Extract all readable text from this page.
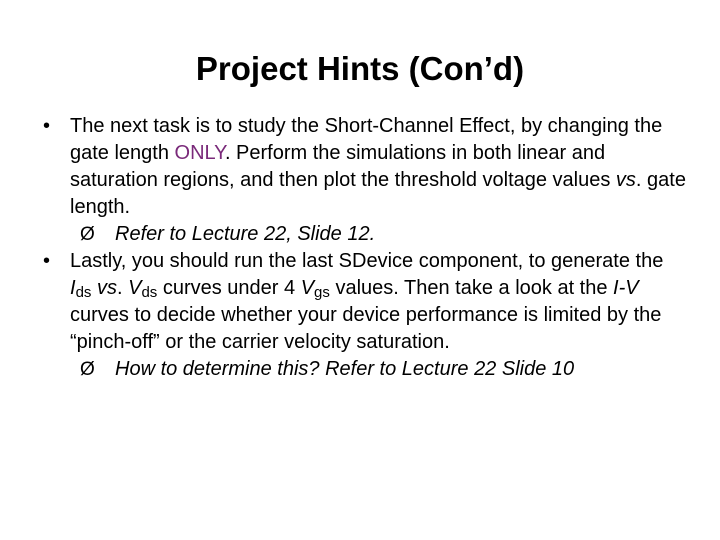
Project Hints (Con’d)

• The next task is to study the Short-Channel Effect, by changing the gate length ONLY. Perform the simulations in both linear and saturation regions, and then plot the threshold voltage values vs. gate length.

Ø Refer to Lecture 22, Slide 12.

• Lastly, you should run the last SDevice component, to generate the Ids vs. Vds curves under 4 Vgs values. Then take a look at the I-V curves to decide whether your device performance is limited by the “pinch-off” or the carrier velocity saturation.

Ø How to determine this? Refer to Lecture 22 Slide 10
